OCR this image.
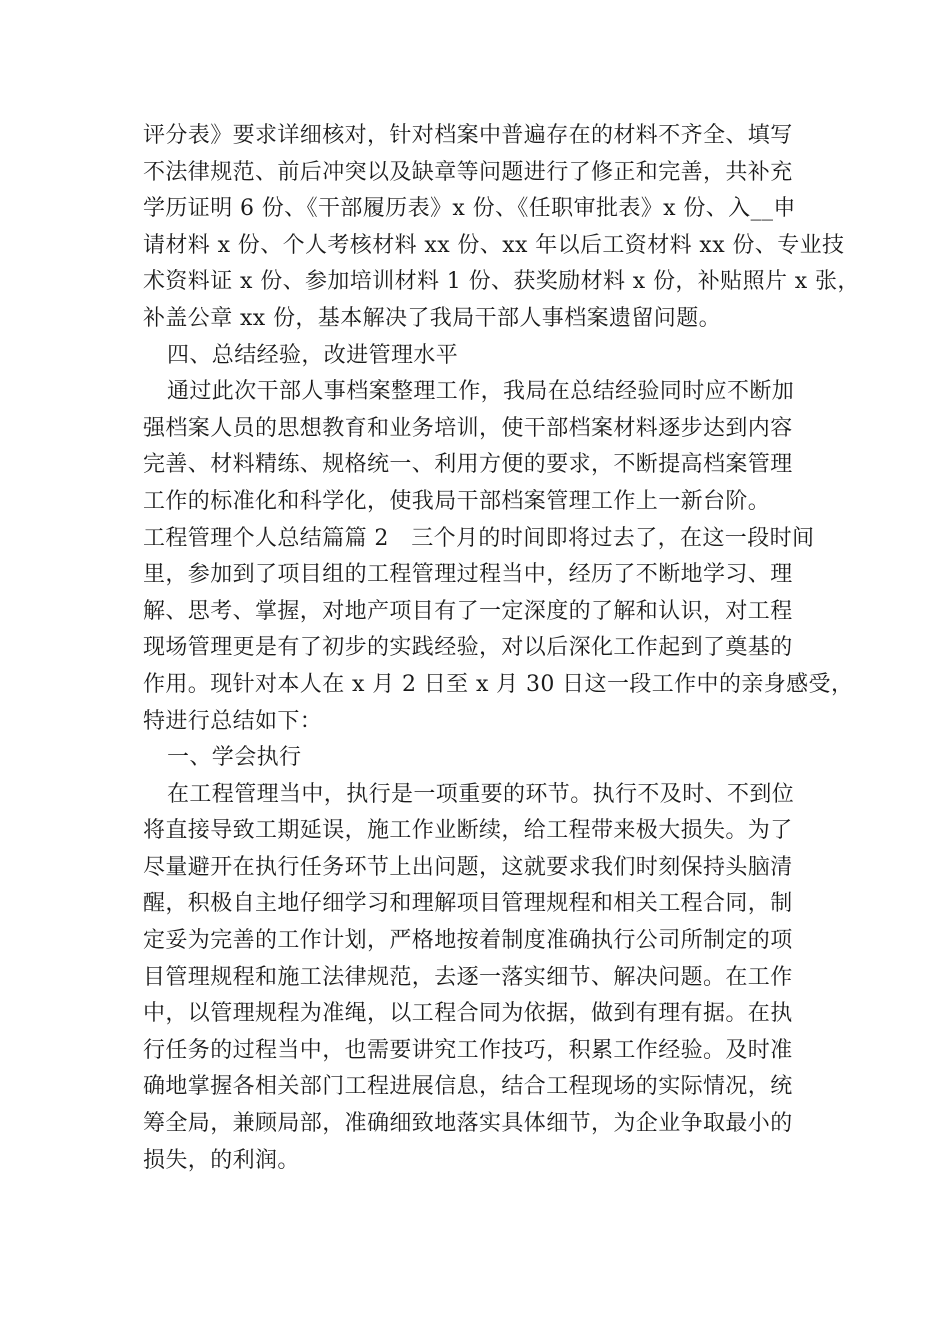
评分表》要求详细核对，针对档案中普遍存在的材料不齐全、填写
不法律规范、前后冲突以及缺章等问题进行了修正和完善，共补充
学历证明 6 份、《干部履历表》x 份、《任职审批表》x 份、入__申
请材料 x 份、个人考核材料 xx 份、xx 年以后工资材料 xx 份、专业技
术资料证 x 份、参加培训材料 1 份、获奖励材料 x 份，补贴照片 x 张，
补盖公章 xx 份，基本解决了我局干部人事档案遗留问题。
四、总结经验，改进管理水平
通过此次干部人事档案整理工作，我局在总结经验同时应不断加
强档案人员的思想教育和业务培训，使干部档案材料逐步达到内容
完善、材料精练、规格统一、利用方便的要求，不断提高档案管理
工作的标准化和科学化，使我局干部档案管理工作上一新台阶。
工程管理个人总结篇篇 2　三个月的时间即将过去了，在这一段时间
里，参加到了项目组的工程管理过程当中，经历了不断地学习、理
解、思考、掌握，对地产项目有了一定深度的了解和认识，对工程
现场管理更是有了初步的实践经验，对以后深化工作起到了奠基的
作用。现针对本人在 x 月 2 日至 x 月 30 日这一段工作中的亲身感受，
特进行总结如下：
一、学会执行
在工程管理当中，执行是一项重要的环节。执行不及时、不到位
将直接导致工期延误，施工作业断续，给工程带来极大损失。为了
尽量避开在执行任务环节上出问题，这就要求我们时刻保持头脑清
醒，积极自主地仔细学习和理解项目管理规程和相关工程合同，制
定妥为完善的工作计划，严格地按着制度准确执行公司所制定的项
目管理规程和施工法律规范，去逐一落实细节、解决问题。在工作
中，以管理规程为准绳，以工程合同为依据，做到有理有据。在执
行任务的过程当中，也需要讲究工作技巧，积累工作经验。及时准
确地掌握各相关部门工程进展信息，结合工程现场的实际情况，统
筹全局，兼顾局部，准确细致地落实具体细节，为企业争取最小的
损失，的利润。
